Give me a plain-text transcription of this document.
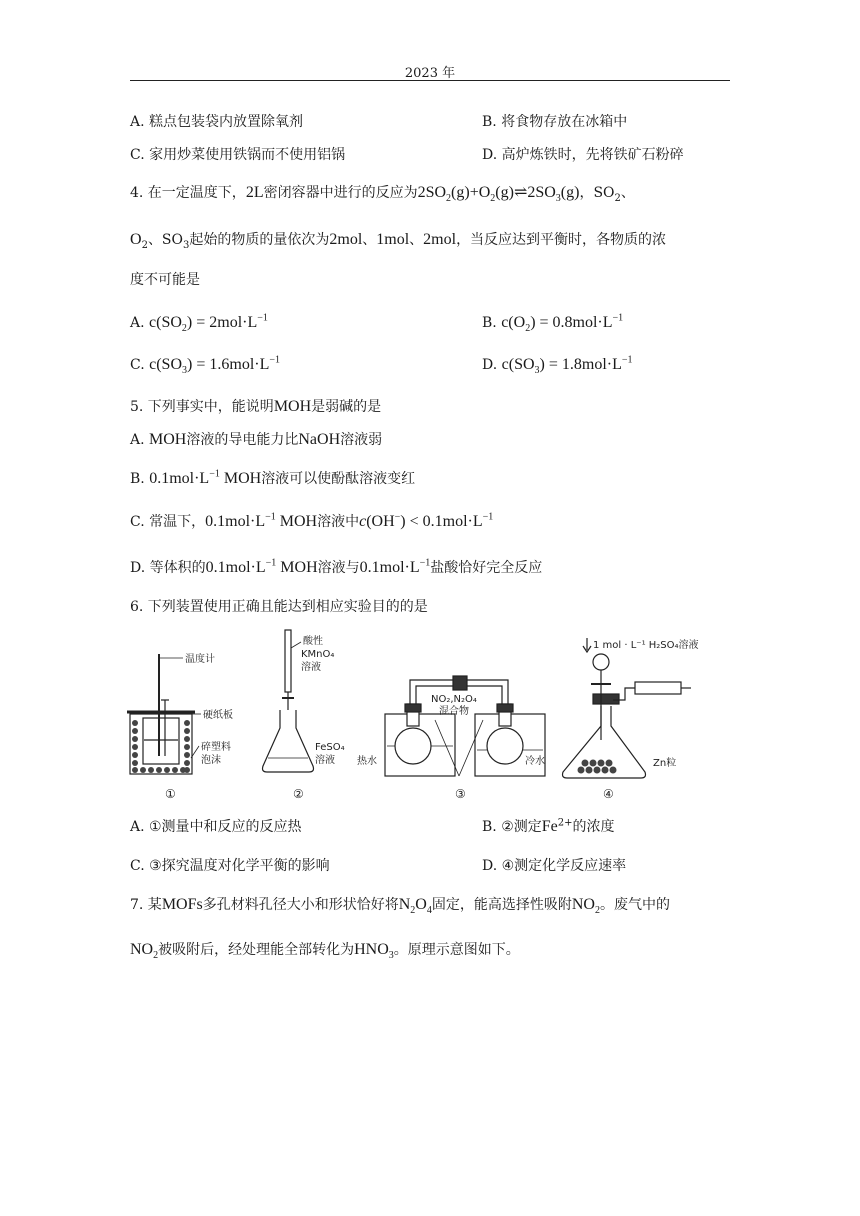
2023 年
A. 糕点包装袋内放置除氧剂	B. 将食物存放在冰箱中
C. 家用炒菜使用铁锅而不使用铝锅	D. 高炉炼铁时，先将铁矿石粉碎
4. 在一定温度下，2L密闭容器中进行的反应为$2SO_2(g)+O_2(g)\rightleftharpoons 2SO_3(g)$，$SO_2$、
$O_2$、$SO_3$起始的物质的量依次为2mol、1mol、2mol，当反应达到平衡时，各物质的浓
度不可能是
A. $c(SO_2) = 2mol\cdot L^{-1}$	B. $c(O_2) = 0.8mol\cdot L^{-1}$
C. $c(SO_3) = 1.6mol\cdot L^{-1}$	D. $c(SO_3) = 1.8mol\cdot L^{-1}$
5. 下列事实中，能说明MOH是弱碱的是
A. MOH溶液的导电能力比NaOH溶液弱
B. $0.1mol\cdot L^{-1}$ MOH溶液可以使酚酞溶液变红
C. 常温下，$0.1mol\cdot L^{-1}$ MOH溶液中$c(OH^-) < 0.1mol\cdot L^{-1}$
D. 等体积的$0.1mol\cdot L^{-1}$ MOH溶液与$0.1mol\cdot L^{-1}$盐酸恰好完全反应
6. 下列装置使用正确且能达到相应实验目的的是
温度计
硬纸板
碎塑料
泡沫
酸性
KMnO₄
溶液
FeSO₄
溶液
NO₂,N₂O₄
混合物
热水	冷水
1 mol · L⁻¹ H₂SO₄溶液
Zn粒
①	②	③	④
A. ①测量中和反应的反应热	B. ②测定$Fe^{2+}$的浓度
C. ③探究温度对化学平衡的影响	D. ④测定化学反应速率
7. 某MOFs多孔材料孔径大小和形状恰好将$N_2O_4$固定，能高选择性吸附$NO_2$。废气中的
$NO_2$被吸附后，经处理能全部转化为$HNO_3$。原理示意图如下。
